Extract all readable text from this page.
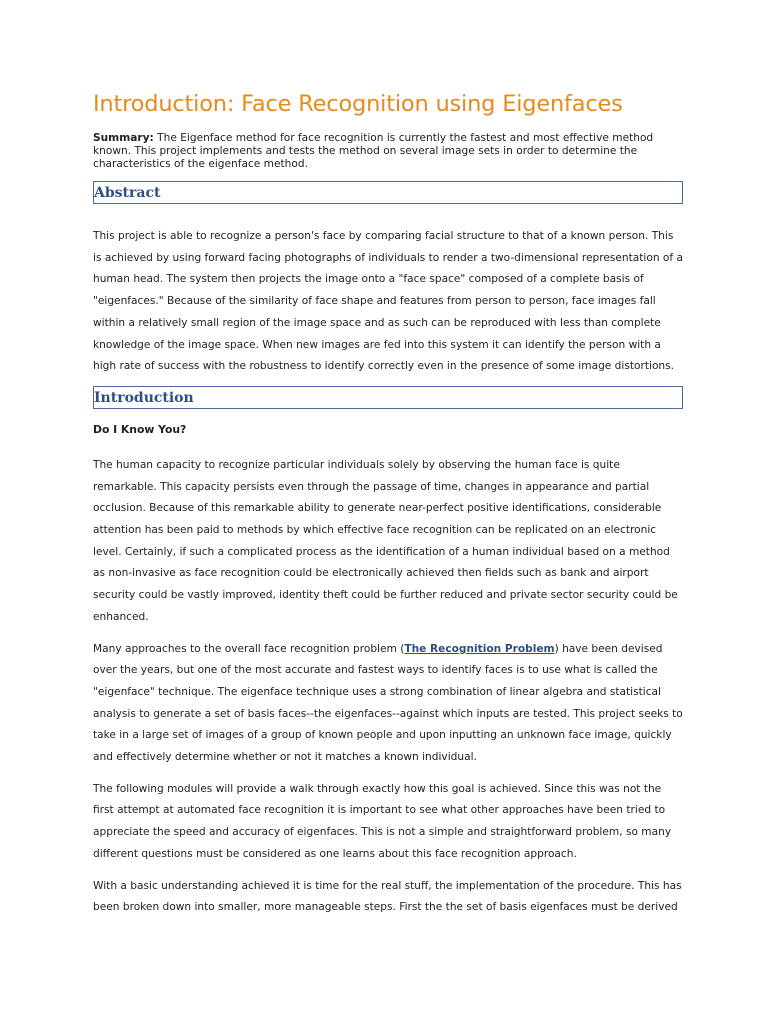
Introduction: Face Recognition using Eigenfaces

Summary: The Eigenface method for face recognition is currently the fastest and most effective method known. This project implements and tests the method on several image sets in order to determine the characteristics of the eigenface method.

Abstract

This project is able to recognize a person's face by comparing facial structure to that of a known person. This is achieved by using forward facing photographs of individuals to render a two-dimensional representation of a human head. The system then projects the image onto a "face space" composed of a complete basis of "eigenfaces." Because of the similarity of face shape and features from person to person, face images fall within a relatively small region of the image space and as such can be reproduced with less than complete knowledge of the image space. When new images are fed into this system it can identify the person with a high rate of success with the robustness to identify correctly even in the presence of some image distortions.

Introduction

Do I Know You?

The human capacity to recognize particular individuals solely by observing the human face is quite remarkable. This capacity persists even through the passage of time, changes in appearance and partial occlusion. Because of this remarkable ability to generate near-perfect positive identifications, considerable attention has been paid to methods by which effective face recognition can be replicated on an electronic level. Certainly, if such a complicated process as the identification of a human individual based on a method as non-invasive as face recognition could be electronically achieved then fields such as bank and airport security could be vastly improved, identity theft could be further reduced and private sector security could be enhanced.

Many approaches to the overall face recognition problem (The Recognition Problem) have been devised over the years, but one of the most accurate and fastest ways to identify faces is to use what is called the "eigenface" technique. The eigenface technique uses a strong combination of linear algebra and statistical analysis to generate a set of basis faces--the eigenfaces--against which inputs are tested. This project seeks to take in a large set of images of a group of known people and upon inputting an unknown face image, quickly and effectively determine whether or not it matches a known individual.

The following modules will provide a walk through exactly how this goal is achieved. Since this was not the first attempt at automated face recognition it is important to see what other approaches have been tried to appreciate the speed and accuracy of eigenfaces. This is not a simple and straightforward problem, so many different questions must be considered as one learns about this face recognition approach.

With a basic understanding achieved it is time for the real stuff, the implementation of the procedure. This has been broken down into smaller, more manageable steps. First the the set of basis eigenfaces must be derived
